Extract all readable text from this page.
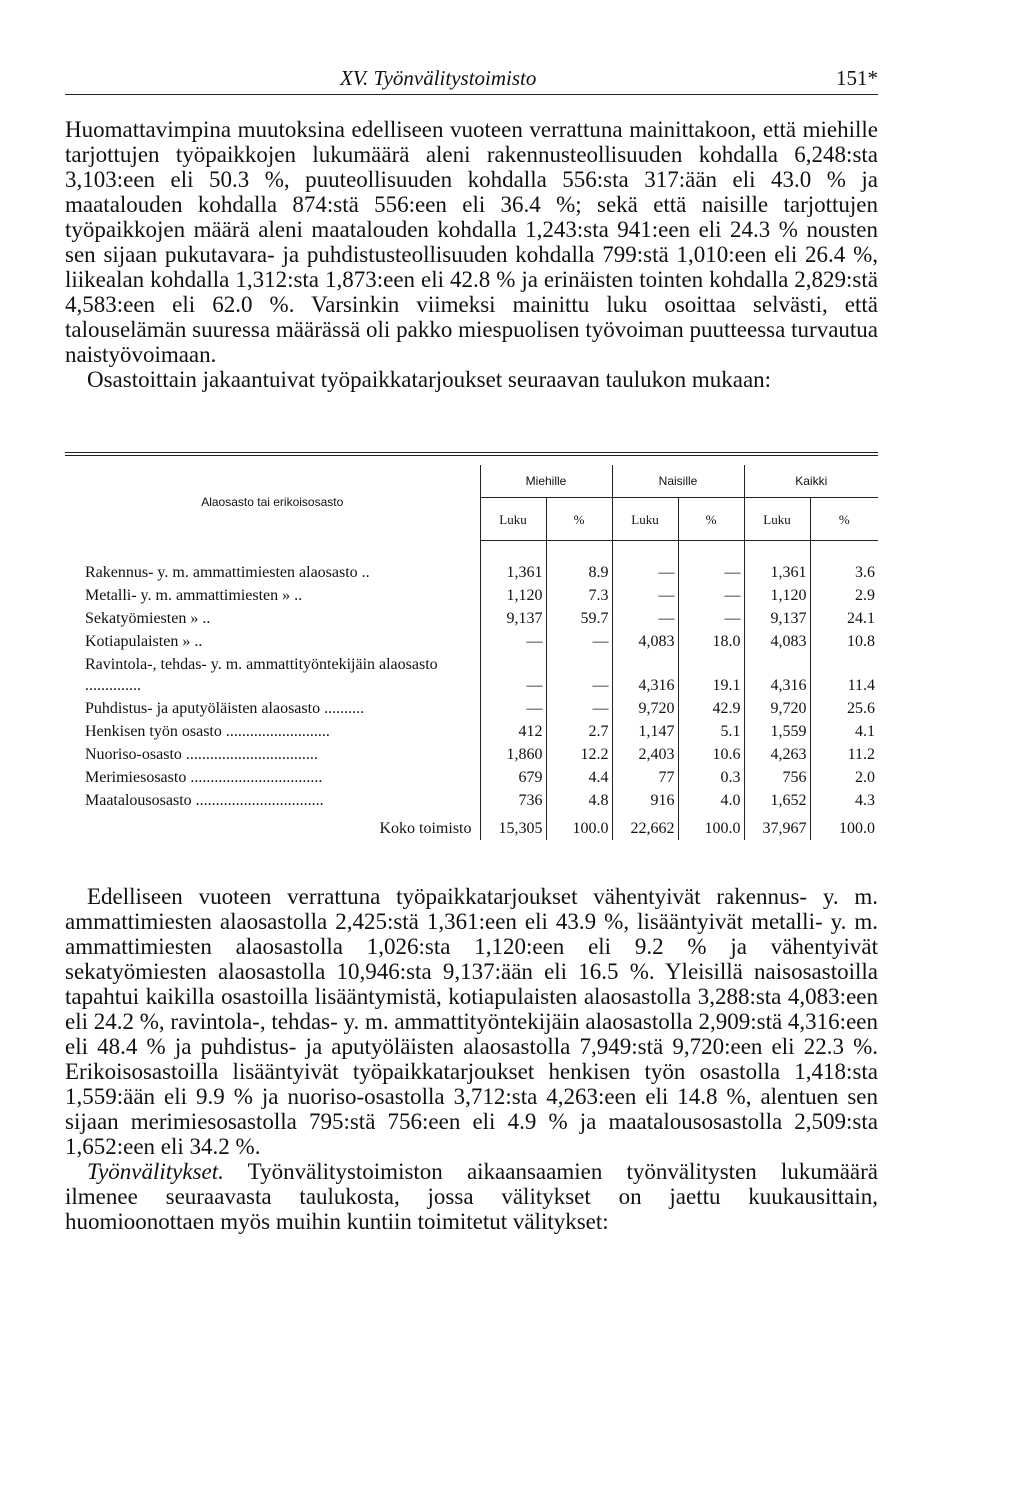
XV. Työnvälitystoimisto	151*

Huomattavimpina muutoksina edelliseen vuoteen verrattuna mainittakoon, että miehille tarjottujen työpaikkojen lukumäärä aleni rakennusteollisuuden kohdalla 6,248:sta 3,103:een eli 50.3 %, puuteollisuuden kohdalla 556:sta 317:ään eli 43.0 % ja maatalouden kohdalla 874:stä 556:een eli 36.4 %; sekä että naisille tarjottujen työpaikkojen määrä aleni maatalouden kohdalla 1,243:sta 941:een eli 24.3 % nousten sen sijaan pukutavara- ja puhdistusteollisuuden kohdalla 799:stä 1,010:een eli 26.4 %, liikealan kohdalla 1,312:sta 1,873:een eli 42.8 % ja erinäisten tointen kohdalla 2,829:stä 4,583:een eli 62.0 %. Varsinkin viimeksi mainittu luku osoittaa selvästi, että talouselämän suuressa määrässä oli pakko miespuolisen työvoiman puutteessa turvautua naistyövoimaan.

Osastoittain jakaantuivat työpaikkatarjoukset seuraavan taulukon mukaan:

Alaosasto tai erikoisosasto	Miehille		Naisille		Kaikki	
	Luku	%	Luku	%	Luku	%

Rakennus- y. m. ammattimiesten alaosasto ..	1,361	8.9	—	—	1,361	3.6
Metalli- y. m. ammattimiesten » ..	1,120	7.3	—	—	1,120	2.9
Sekatyömiesten » ..	9,137	59.7	—	—	9,137	24.1
Kotiapulaisten » ..	—	—	4,083	18.0	4,083	10.8
Ravintola-, tehdas- y. m. ammattityöntekijäin alaosasto ..............	—	—	4,316	19.1	4,316	11.4
Puhdistus- ja aputyöläisten alaosasto ..........	—	—	9,720	42.9	9,720	25.6
Henkisen työn osasto ..........................	412	2.7	1,147	5.1	1,559	4.1
Nuoriso-osasto .................................	1,860	12.2	2,403	10.6	4,263	11.2
Merimiesosasto .................................	679	4.4	77	0.3	756	2.0
Maatalousosasto ................................	736	4.8	916	4.0	1,652	4.3
Koko toimisto	15,305	100.0	22,662	100.0	37,967	100.0

Edelliseen vuoteen verrattuna työpaikkatarjoukset vähentyivät rakennus- y. m. ammattimiesten alaosastolla 2,425:stä 1,361:een eli 43.9 %, lisääntyivät metalli- y. m. ammattimiesten alaosastolla 1,026:sta 1,120:een eli 9.2 % ja vähentyivät sekatyömiesten alaosastolla 10,946:sta 9,137:ään eli 16.5 %. Yleisillä naisosastoilla tapahtui kaikilla osastoilla lisääntymistä, kotiapulaisten alaosastolla 3,288:sta 4,083:een eli 24.2 %, ravintola-, tehdas- y. m. ammattityöntekijäin alaosastolla 2,909:stä 4,316:een eli 48.4 % ja puhdistus- ja aputyöläisten alaosastolla 7,949:stä 9,720:een eli 22.3 %. Erikoisosastoilla lisääntyivät työpaikkatarjoukset henkisen työn osastolla 1,418:sta 1,559:ään eli 9.9 % ja nuoriso-osastolla 3,712:sta 4,263:een eli 14.8 %, alentuen sen sijaan merimiesosastolla 795:stä 756:een eli 4.9 % ja maatalousosastolla 2,509:sta 1,652:een eli 34.2 %.

Työnvälitykset. Työnvälitystoimiston aikaansaamien työnvälitysten lukumäärä ilmenee seuraavasta taulukosta, jossa välitykset on jaettu kuukausittain, huomioonottaen myös muihin kuntiin toimitetut välitykset:
